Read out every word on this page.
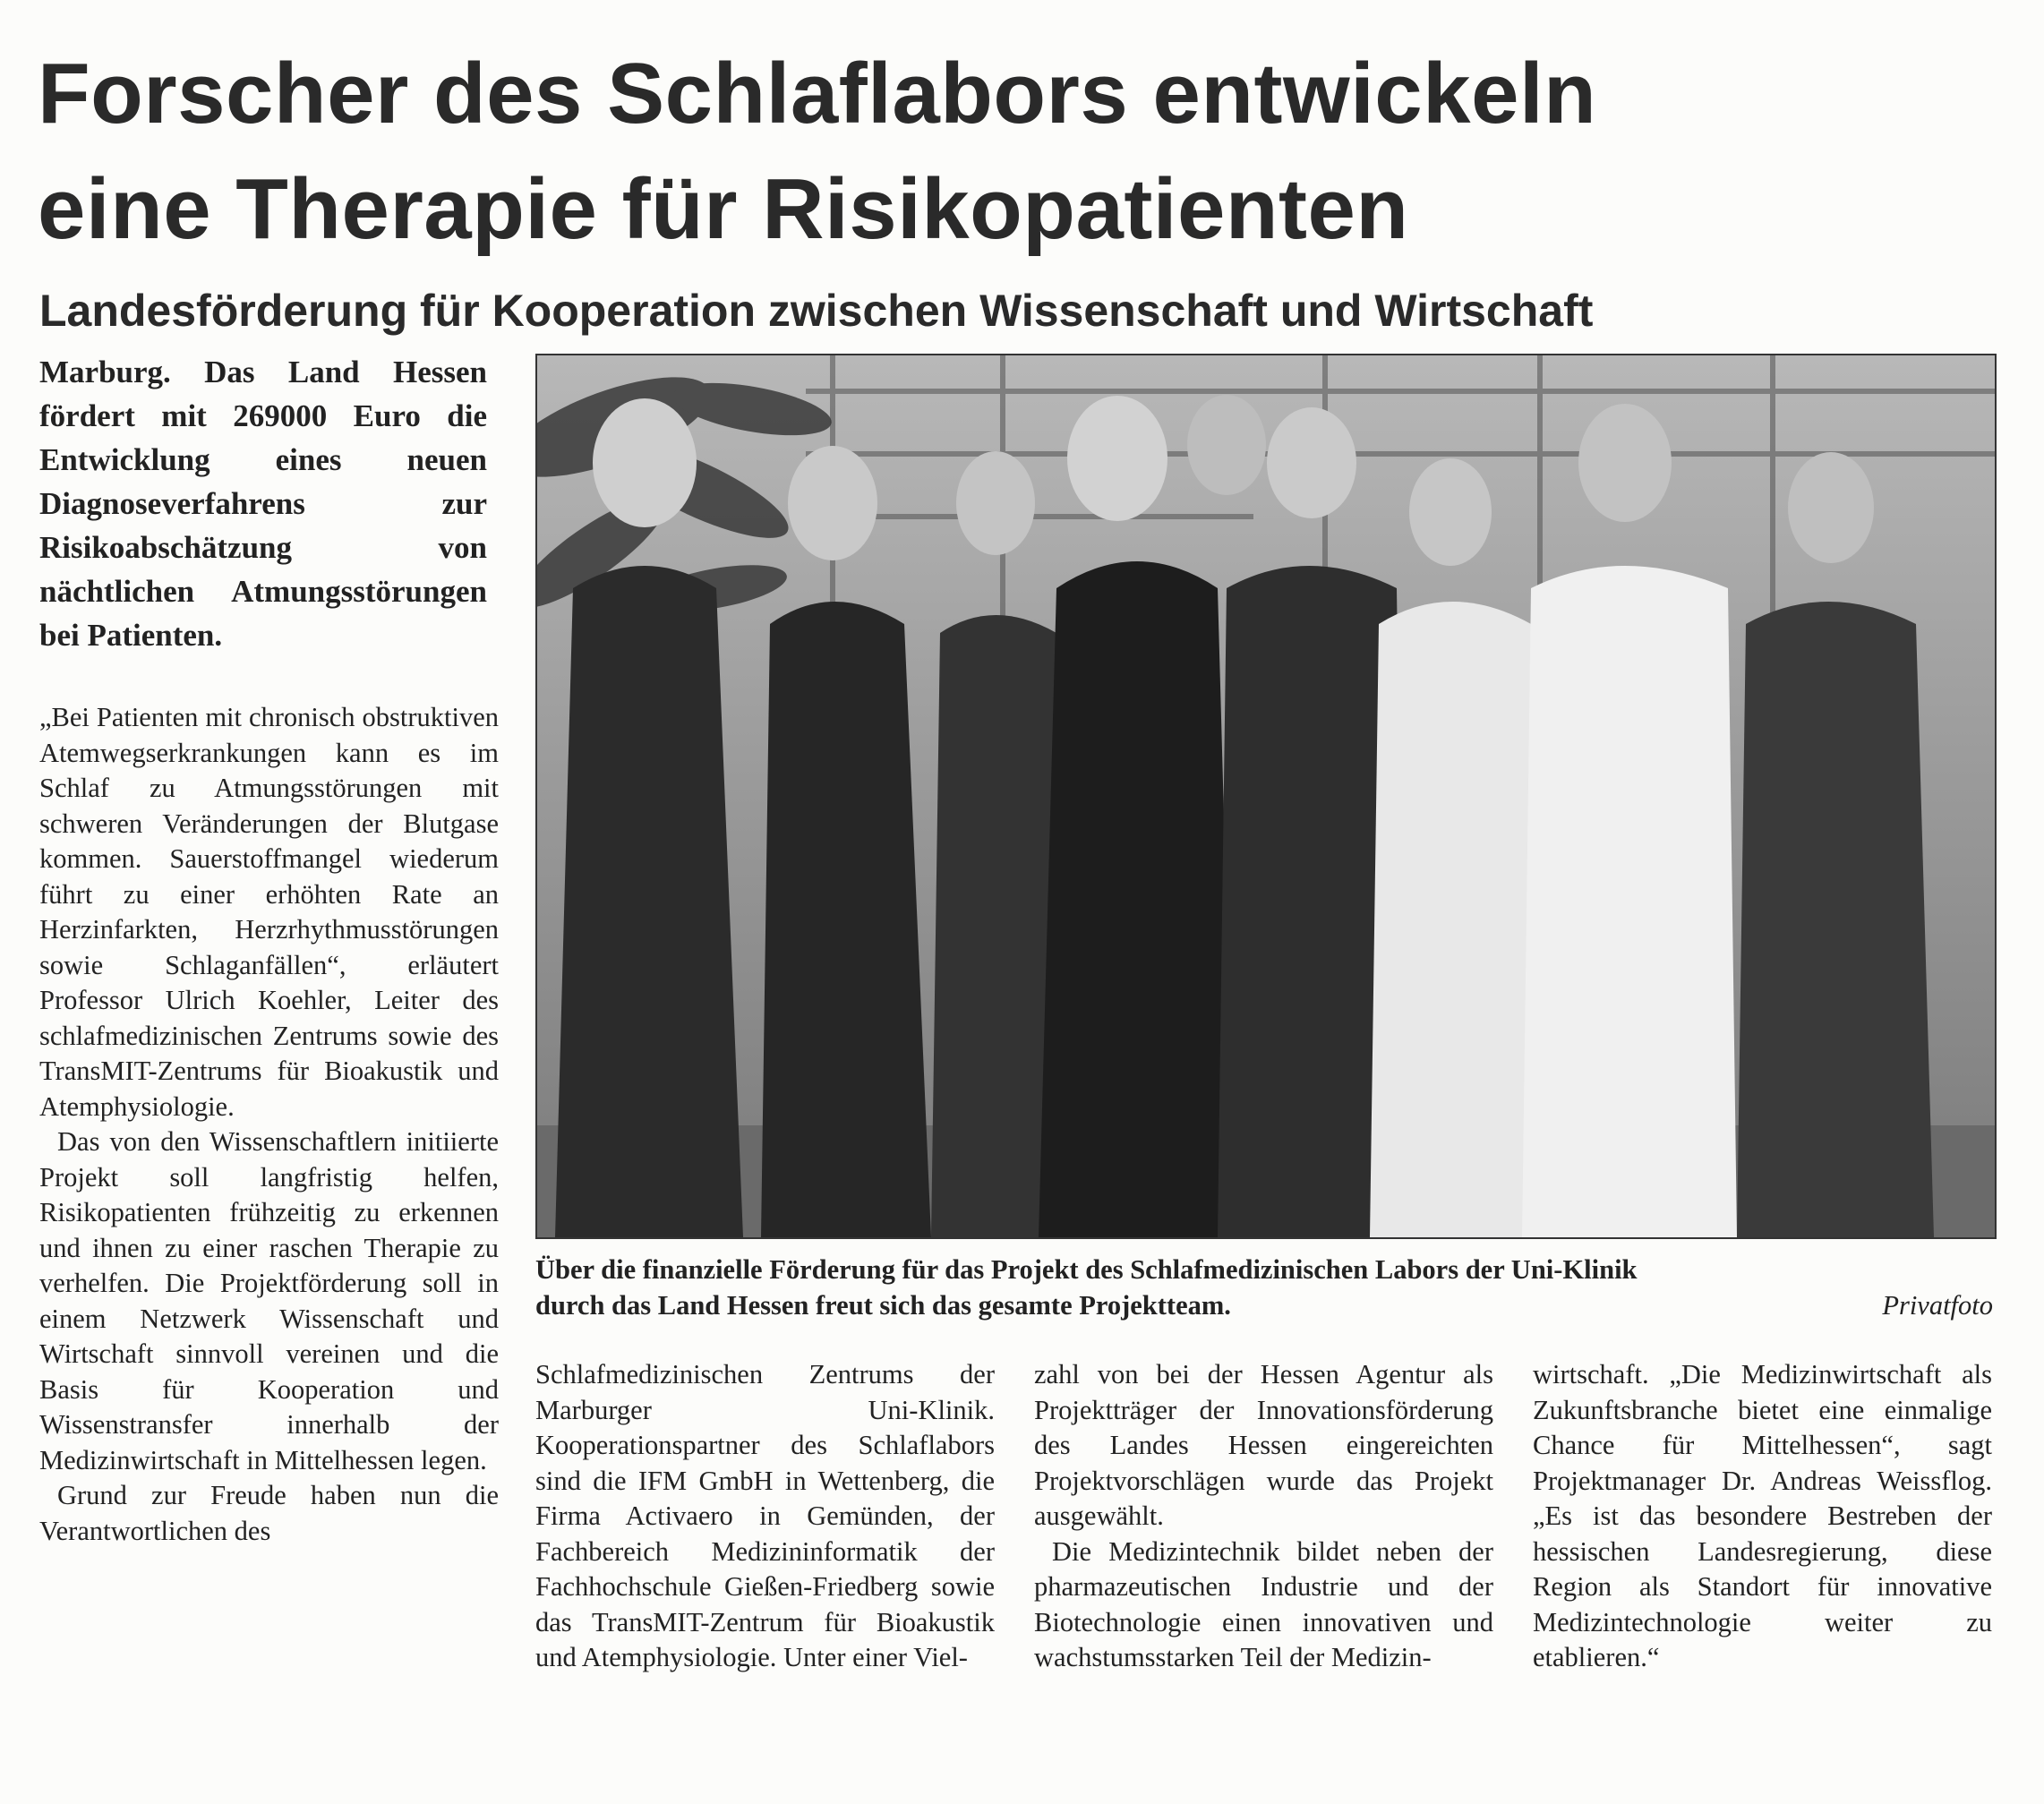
Forscher des Schlaflabors entwickeln
eine Therapie für Risikopatienten
Landesförderung für Kooperation zwischen Wissenschaft und Wirtschaft

Marburg. Das Land Hessen fördert mit 269000 Euro die Entwicklung eines neuen Diagnoseverfahrens zur Risikoabschätzung von nächtlichen Atmungsstörungen bei Patienten.

„Bei Patienten mit chronisch obstruktiven Atemwegserkrankungen kann es im Schlaf zu Atmungsstörungen mit schweren Veränderungen der Blutgase kommen. Sauerstoffmangel wiederum führt zu einer erhöhten Rate an Herzinfarkten, Herzrhythmusstörungen sowie Schlaganfällen“, erläutert Professor Ulrich Koehler, Leiter des schlafmedizinischen Zentrums sowie des TransMIT-Zentrums für Bioakustik und Atemphysiologie.

Das von den Wissenschaftlern initiierte Projekt soll langfristig helfen, Risikopatienten frühzeitig zu erkennen und ihnen zu einer raschen Therapie zu verhelfen. Die Projektförderung soll in einem Netzwerk Wissenschaft und Wirtschaft sinnvoll vereinen und die Basis für Kooperation und Wissenstransfer innerhalb der Medizinwirtschaft in Mittelhessen legen.

Grund zur Freude haben nun die Verantwortlichen des

Über die finanzielle Förderung für das Projekt des Schlafmedizinischen Labors der Uni-Klinik
durch das Land Hessen freut sich das gesamte Projektteam.	Privatfoto

Schlafmedizinischen Zentrums der Marburger Uni-Klinik. Kooperationspartner des Schlaflabors sind die IFM GmbH in Wettenberg, die Firma Activaero in Gemünden, der Fachbereich Medizininformatik der Fachhochschule Gießen-Friedberg sowie das TransMIT-Zentrum für Bioakustik und Atemphysiologie. Unter einer Viel-

zahl von bei der Hessen Agentur als Projektträger der Innovationsförderung des Landes Hessen eingereichten Projektvorschlägen wurde das Projekt ausgewählt.

Die Medizintechnik bildet neben der pharmazeutischen Industrie und der Biotechnologie einen innovativen und wachstumsstarken Teil der Medizin-

wirtschaft. „Die Medizinwirtschaft als Zukunftsbranche bietet eine einmalige Chance für Mittelhessen“, sagt Projektmanager Dr. Andreas Weissflog. „Es ist das besondere Bestreben der hessischen Landesregierung, diese Region als Standort für innovative Medizintechnologie weiter zu etablieren.“
